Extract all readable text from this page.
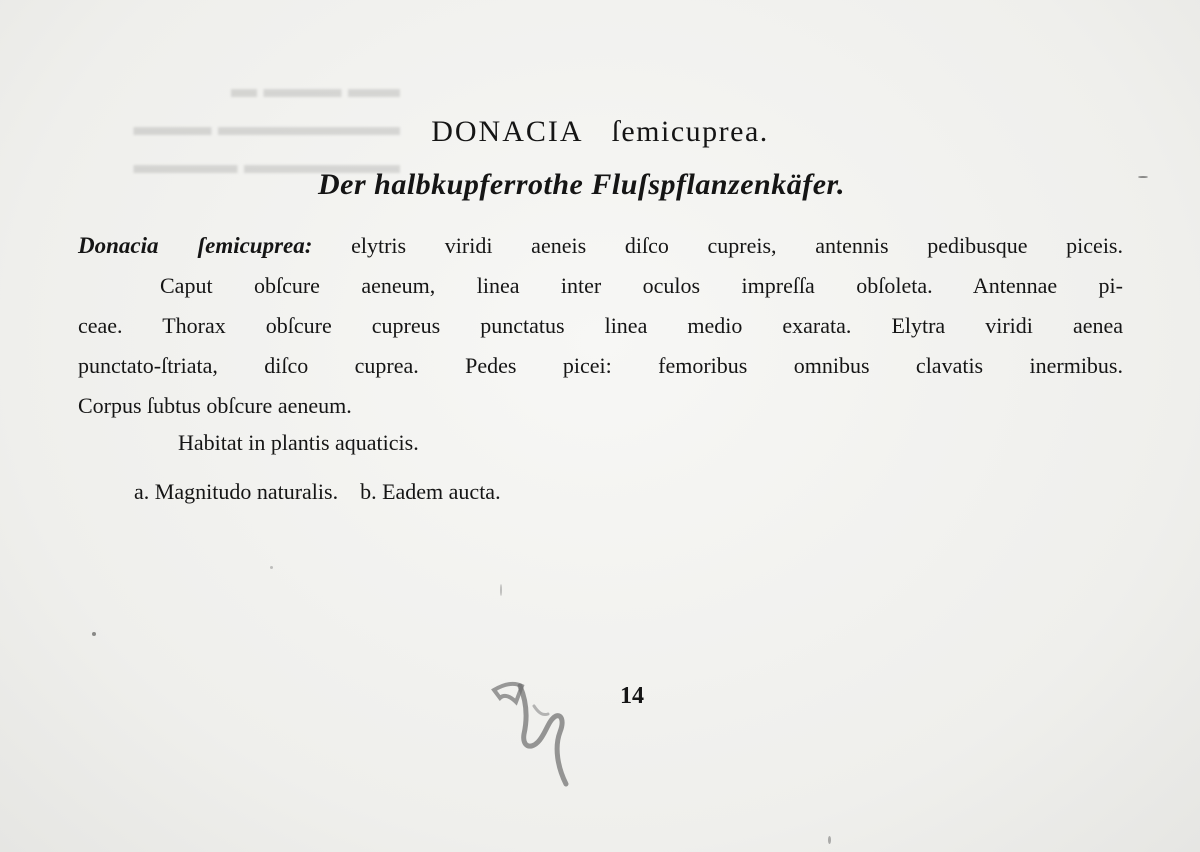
▬▬ ▬▬▬ ▬
▬▬▬▬▬▬▬ ▬▬▬
▬▬▬▬▬▬ ▬▬▬▬
DONACIA ſemicuprea.
Der halbkupferrothe Fluſspflanzenkäfer.
Donacia ſemicuprea: elytris viridi aeneis diſco cupreis, antennis pedibusque piceis.
Caput obſcure aeneum, linea inter oculos impreſſa obſoleta. Antennae pi-
ceae. Thorax obſcure cupreus punctatus linea medio exarata. Elytra viridi aenea
punctato-ſtriata, diſco cuprea. Pedes picei: femoribus omnibus clavatis inermibus.
Corpus ſubtus obſcure aeneum.

Habitat in plantis aquaticis.

a. Magnitudo naturalis. b. Eadem aucta.

14
